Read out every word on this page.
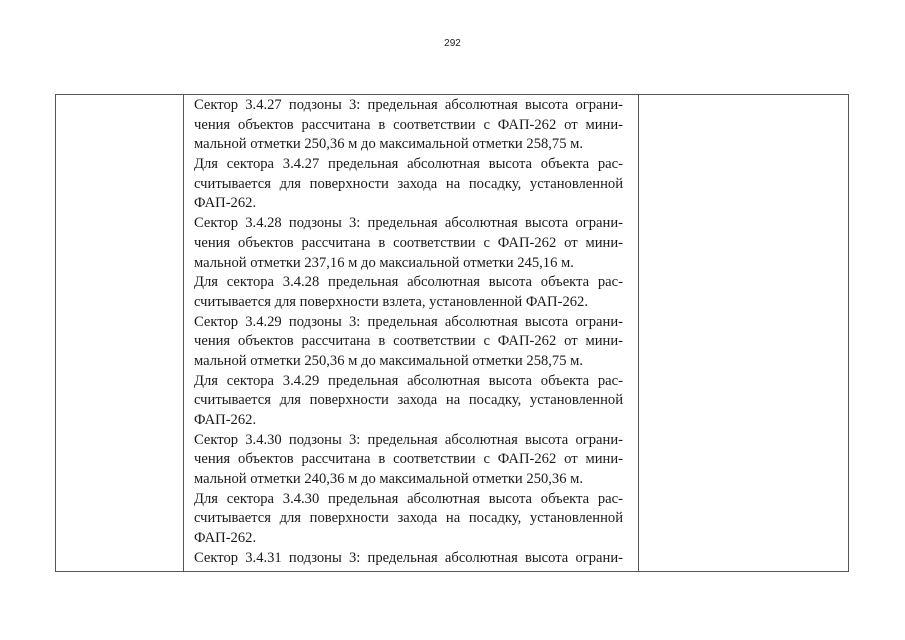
292
Сектор 3.4.27 подзоны 3: предельная абсолютная высота ограни-
чения объектов рассчитана в соответствии с ФАП-262 от мини-
мальной отметки 250,36 м до максимальной отметки 258,75 м.
Для сектора 3.4.27 предельная абсолютная высота объекта рас-
считывается для поверхности захода на посадку, установленной
ФАП-262.
Сектор 3.4.28 подзоны 3: предельная абсолютная высота ограни-
чения объектов рассчитана в соответствии с ФАП-262 от мини-
мальной отметки 237,16 м до максиальной отметки 245,16 м.
Для сектора 3.4.28 предельная абсолютная высота объекта рас-
считывается для поверхности взлета, установленной ФАП-262.
Сектор 3.4.29 подзоны 3: предельная абсолютная высота ограни-
чения объектов рассчитана в соответствии с ФАП-262 от мини-
мальной отметки 250,36 м до максимальной отметки 258,75 м.
Для сектора 3.4.29 предельная абсолютная высота объекта рас-
считывается для поверхности захода на посадку, установленной
ФАП-262.
Сектор 3.4.30 подзоны 3: предельная абсолютная высота ограни-
чения объектов рассчитана в соответствии с ФАП-262 от мини-
мальной отметки 240,36 м до максимальной отметки 250,36 м.
Для сектора 3.4.30 предельная абсолютная высота объекта рас-
считывается для поверхности захода на посадку, установленной
ФАП-262.
Сектор 3.4.31 подзоны 3: предельная абсолютная высота ограни-
